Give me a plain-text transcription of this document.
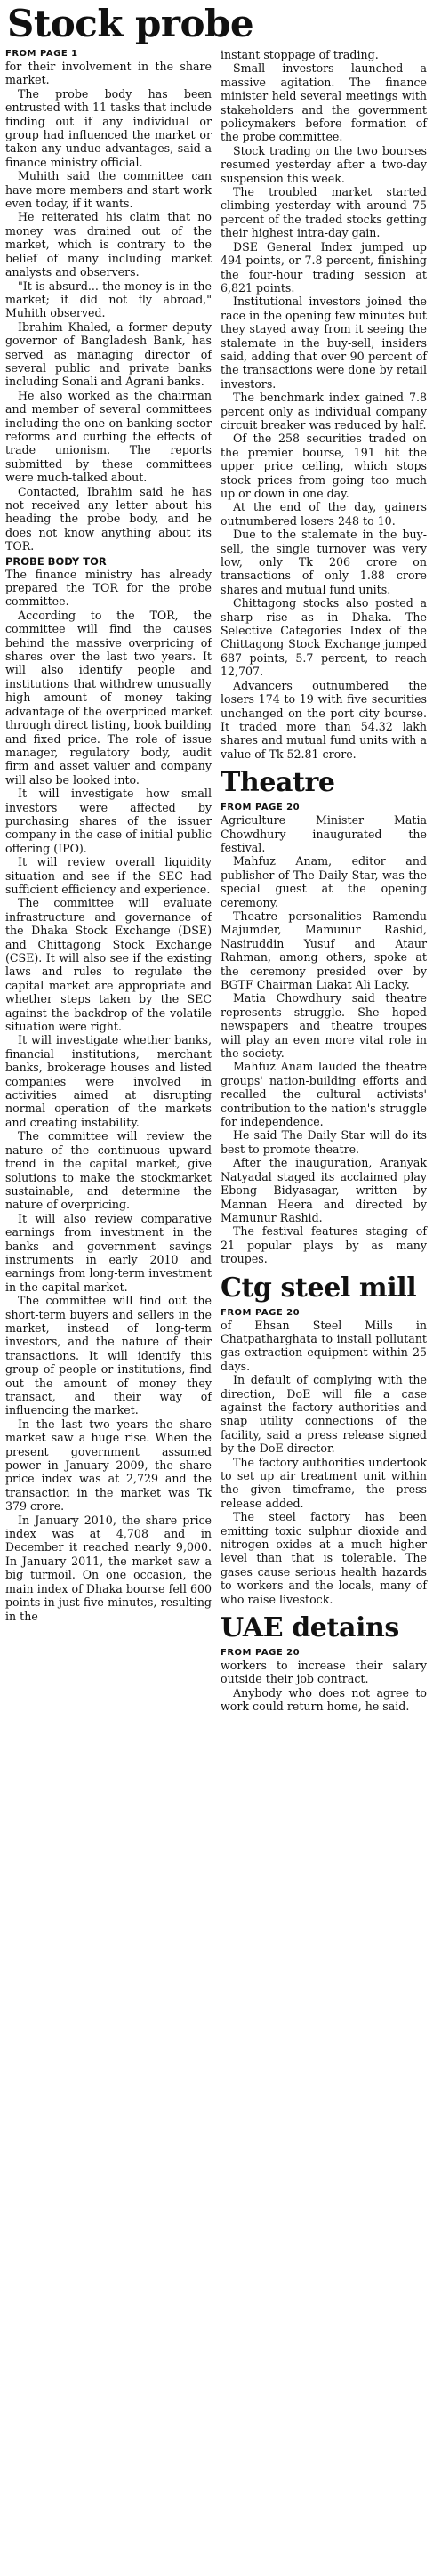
Stock probe
FROM PAGE 1

for their involvement in the share market.

The probe body has been entrusted with 11 tasks that include finding out if any individual or group had influenced the market or taken any undue advantages, said a finance ministry official.

Muhith said the committee can have more members and start work even today, if it wants.

He reiterated his claim that no money was drained out of the market, which is contrary to the belief of many including market analysts and observers.

"It is absurd... the money is in the market; it did not fly abroad," Muhith observed.

Ibrahim Khaled, a former deputy governor of Bangladesh Bank, has served as managing director of several public and private banks including Sonali and Agrani banks.

He also worked as the chairman and member of several committees including the one on banking sector reforms and curbing the effects of trade unionism. The reports submitted by these committees were much-talked about.

Contacted, Ibrahim said he has not received any letter about his heading the probe body, and he does not know anything about its TOR.

PROBE BODY TOR

The finance ministry has already prepared the TOR for the probe committee.

According to the TOR, the committee will find the causes behind the massive overpricing of shares over the last two years. It will also identify people and institutions that withdrew unusually high amount of money taking advantage of the overpriced market through direct listing, book building and fixed price. The role of issue manager, regulatory body, audit firm and asset valuer and company will also be looked into.

It will investigate how small investors were affected by purchasing shares of the issuer company in the case of initial public offering (IPO).

It will review overall liquidity situation and see if the SEC had sufficient efficiency and experience.

The committee will evaluate infrastructure and governance of the Dhaka Stock Exchange (DSE) and Chittagong Stock Exchange (CSE). It will also see if the existing laws and rules to regulate the capital market are appropriate and whether steps taken by the SEC against the backdrop of the volatile situation were right.

It will investigate whether banks, financial institutions, merchant banks, brokerage houses and listed companies were involved in activities aimed at disrupting normal operation of the markets and creating instability.

The committee will review the nature of the continuous upward trend in the capital market, give solutions to make the stockmarket sustainable, and determine the nature of overpricing.

It will also review comparative earnings from investment in the banks and government savings instruments in early 2010 and earnings from long-term investment in the capital market.

The committee will find out the short-term buyers and sellers in the market, instead of long-term investors, and the nature of their transactions. It will identify this group of people or institutions, find out the amount of money they transact, and their way of influencing the market.

In the last two years the share market saw a huge rise. When the present government assumed power in January 2009, the share price index was at 2,729 and the transaction in the market was Tk 379 crore.

In January 2010, the share price index was at 4,708 and in December it reached nearly 9,000. In January 2011, the market saw a big turmoil. On one occasion, the main index of Dhaka bourse fell 600 points in just five minutes, resulting in the

instant stoppage of trading.

Small investors launched a massive agitation. The finance minister held several meetings with stakeholders and the government policymakers before formation of the probe committee.

Stock trading on the two bourses resumed yesterday after a two-day suspension this week.

The troubled market started climbing yesterday with around 75 percent of the traded stocks getting their highest intra-day gain.

DSE General Index jumped up 494 points, or 7.8 percent, finishing the four-hour trading session at 6,821 points.

Institutional investors joined the race in the opening few minutes but they stayed away from it seeing the stalemate in the buy-sell, insiders said, adding that over 90 percent of the transactions were done by retail investors.

The benchmark index gained 7.8 percent only as individual company circuit breaker was reduced by half.

Of the 258 securities traded on the premier bourse, 191 hit the upper price ceiling, which stops stock prices from going too much up or down in one day.

At the end of the day, gainers outnumbered losers 248 to 10.

Due to the stalemate in the buy-sell, the single turnover was very low, only Tk 206 crore on transactions of only 1.88 crore shares and mutual fund units.

Chittagong stocks also posted a sharp rise as in Dhaka. The Selective Categories Index of the Chittagong Stock Exchange jumped 687 points, 5.7 percent, to reach 12,707.

Advancers outnumbered the losers 174 to 19 with five securities unchanged on the port city bourse. It traded more than 54.32 lakh shares and mutual fund units with a value of Tk 52.81 crore.

Theatre
FROM PAGE 20

Agriculture Minister Matia Chowdhury inaugurated the festival.

Mahfuz Anam, editor and publisher of The Daily Star, was the special guest at the opening ceremony.

Theatre personalities Ramendu Majumder, Mamunur Rashid, Nasiruddin Yusuf and Ataur Rahman, among others, spoke at the ceremony presided over by BGTF Chairman Liakat Ali Lacky.

Matia Chowdhury said theatre represents struggle. She hoped newspapers and theatre troupes will play an even more vital role in the society.

Mahfuz Anam lauded the theatre groups' nation-building efforts and recalled the cultural activists' contribution to the nation's struggle for independence.

He said The Daily Star will do its best to promote theatre.

After the inauguration, Aranyak Natyadal staged its acclaimed play Ebong Bidyasagar, written by Mannan Heera and directed by Mamunur Rashid.

The festival features staging of 21 popular plays by as many troupes.

Ctg steel mill
FROM PAGE 20

of Ehsan Steel Mills in Chatpatharghata to install pollutant gas extraction equipment within 25 days.

In default of complying with the direction, DoE will file a case against the factory authorities and snap utility connections of the facility, said a press release signed by the DoE director.

The factory authorities undertook to set up air treatment unit within the given timeframe, the press release added.

The steel factory has been emitting toxic sulphur dioxide and nitrogen oxides at a much higher level than that is tolerable. The gases cause serious health hazards to workers and the locals, many of who raise livestock.

UAE detains
FROM PAGE 20

workers to increase their salary outside their job contract.

Anybody who does not agree to work could return home, he said.
